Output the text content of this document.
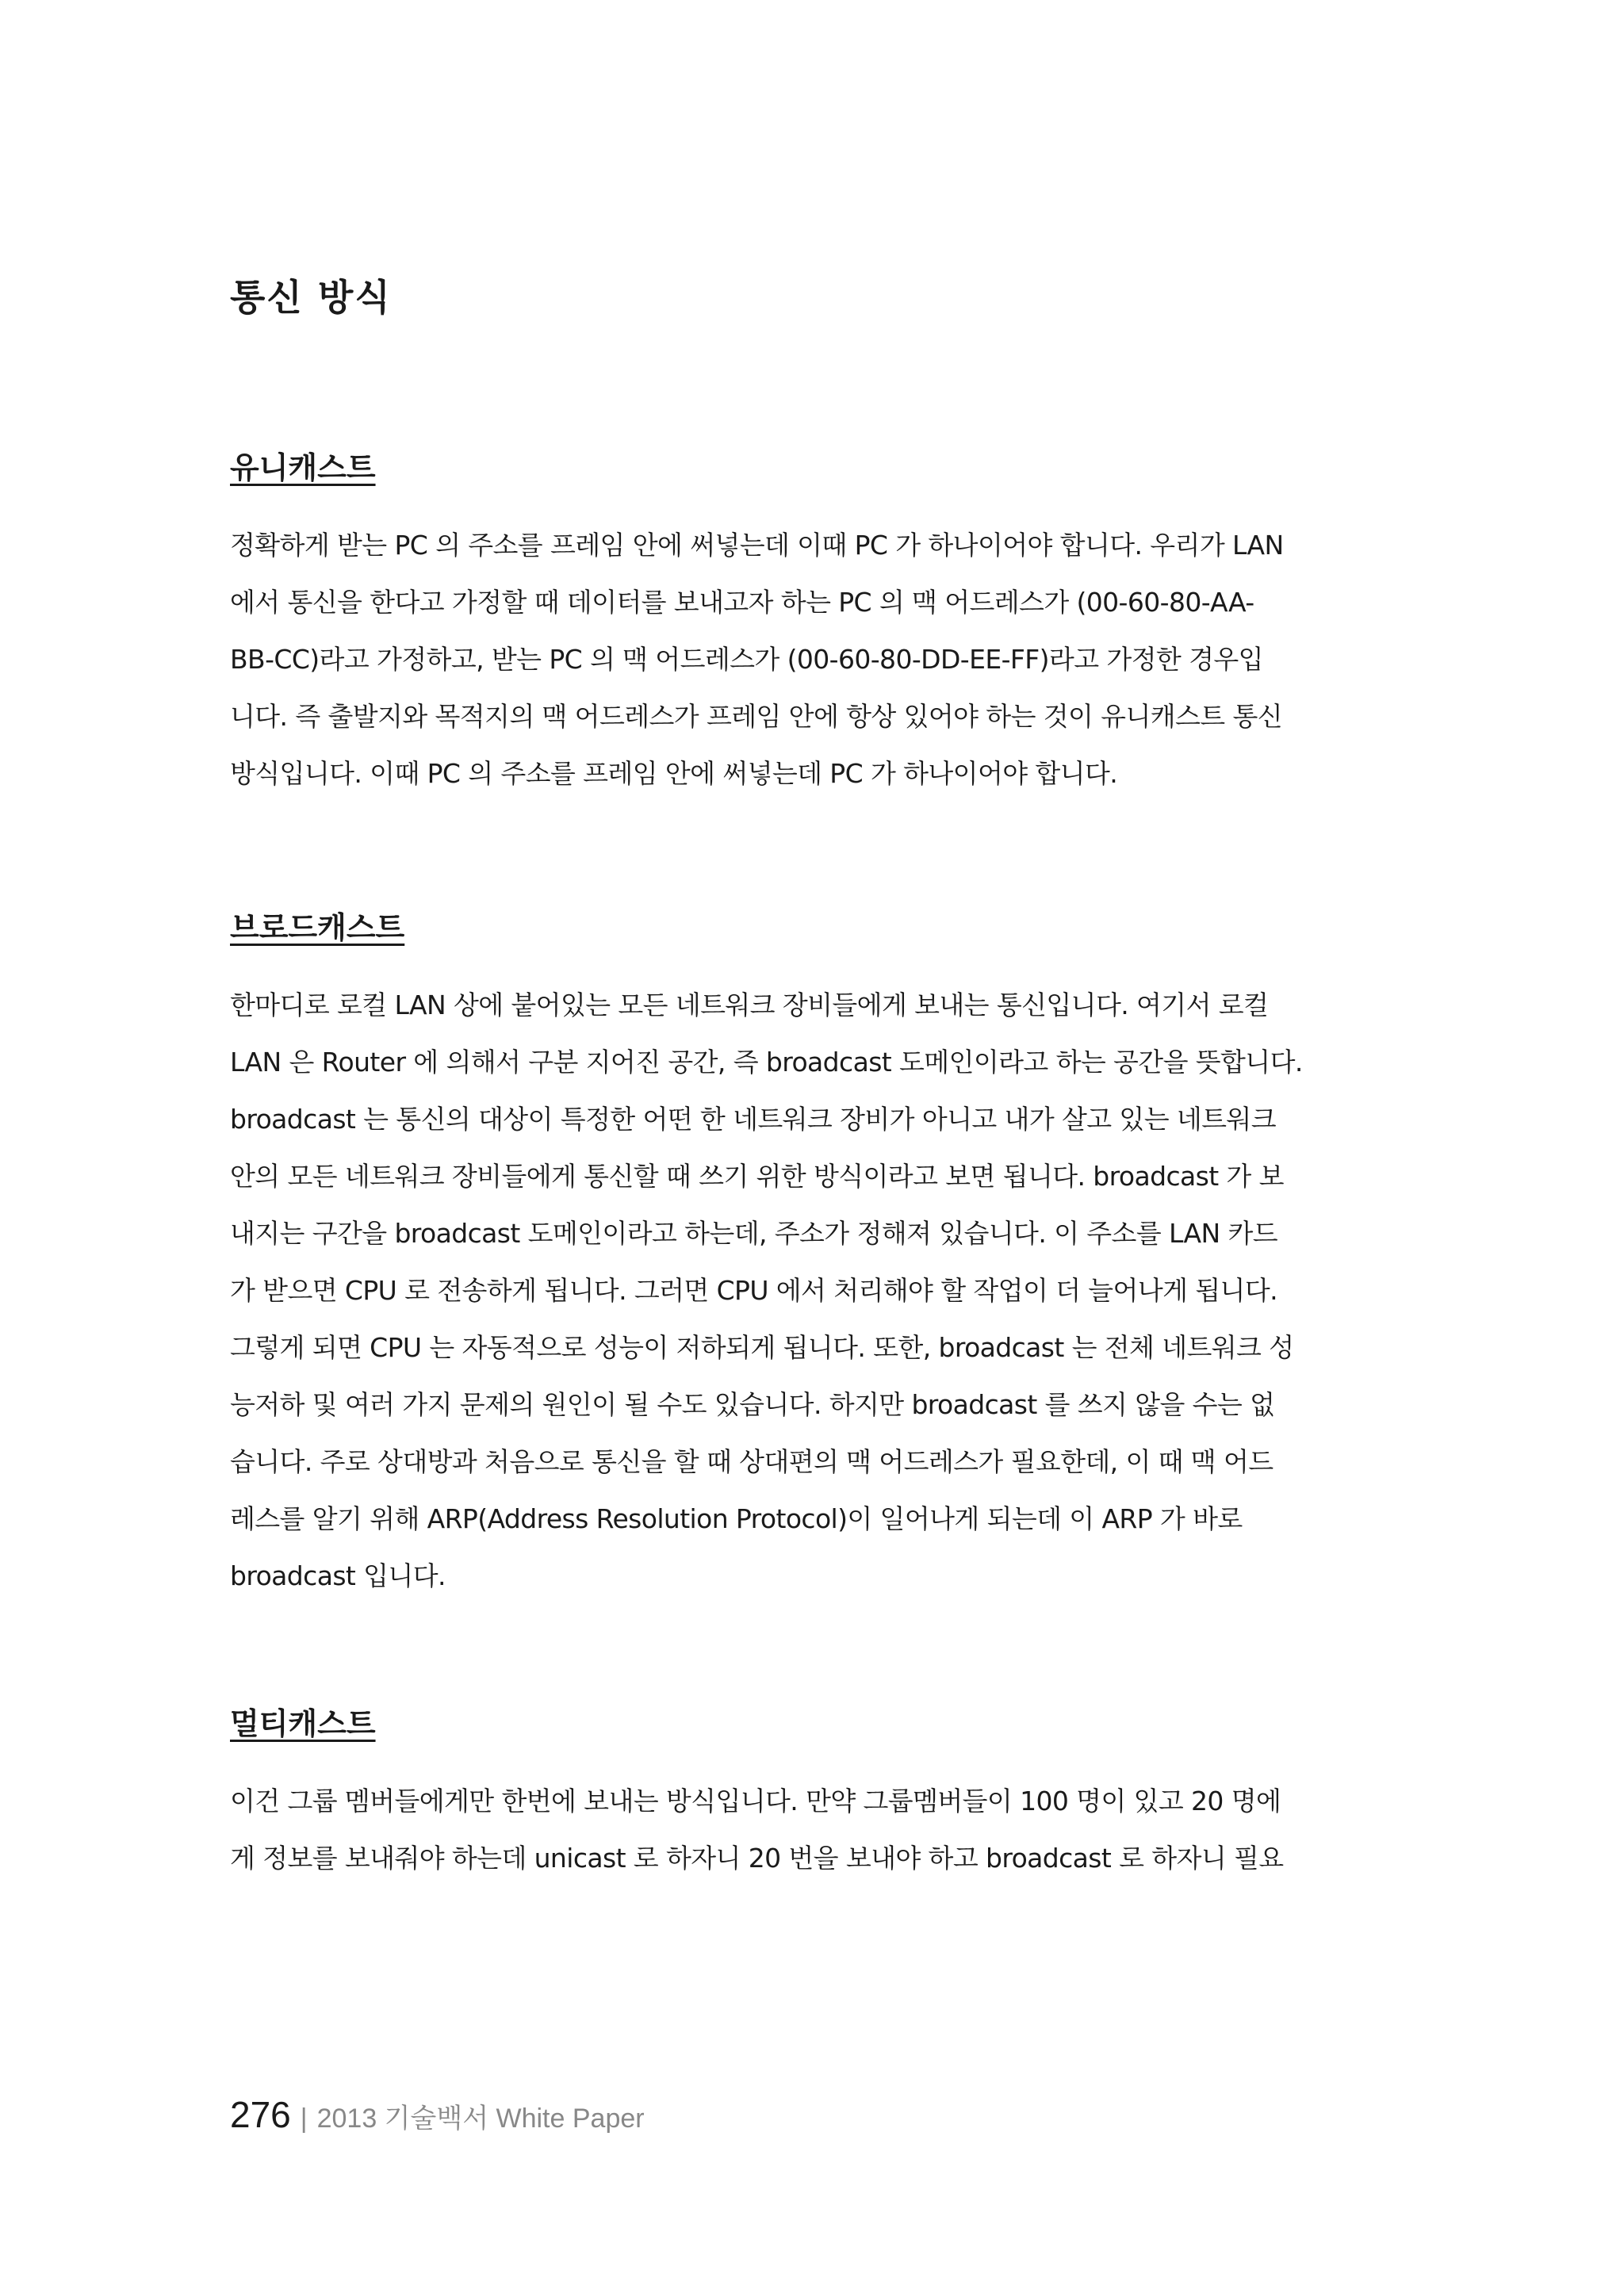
통신 방식
유니캐스트
정확하게 받는 PC 의 주소를 프레임 안에 써넣는데 이때 PC 가 하나이어야 합니다. 우리가 LAN
에서 통신을 한다고 가정할 때 데이터를 보내고자 하는 PC 의 맥 어드레스가 (00-60-80-AA-
BB-CC)라고 가정하고, 받는 PC 의 맥 어드레스가 (00-60-80-DD-EE-FF)라고 가정한 경우입
니다. 즉 출발지와 목적지의 맥 어드레스가 프레임 안에 항상 있어야 하는 것이 유니캐스트 통신
방식입니다. 이때 PC 의 주소를 프레임 안에 써넣는데 PC 가 하나이어야 합니다.
브로드캐스트
한마디로 로컬 LAN 상에 붙어있는 모든 네트워크 장비들에게 보내는 통신입니다. 여기서 로컬
LAN 은 Router 에 의해서 구분 지어진 공간, 즉 broadcast 도메인이라고 하는 공간을 뜻합니다.
broadcast 는 통신의 대상이 특정한 어떤 한 네트워크 장비가 아니고 내가 살고 있는 네트워크
안의 모든 네트워크 장비들에게 통신할 때 쓰기 위한 방식이라고 보면 됩니다. broadcast 가 보
내지는 구간을 broadcast 도메인이라고 하는데, 주소가 정해져 있습니다. 이 주소를 LAN 카드
가 받으면 CPU 로 전송하게 됩니다. 그러면 CPU 에서 처리해야 할 작업이 더 늘어나게 됩니다.
그렇게 되면 CPU 는 자동적으로 성능이 저하되게 됩니다. 또한, broadcast 는 전체 네트워크 성
능저하 및 여러 가지 문제의 원인이 될 수도 있습니다. 하지만 broadcast 를 쓰지 않을 수는 없
습니다. 주로 상대방과 처음으로 통신을 할 때 상대편의 맥 어드레스가 필요한데, 이 때 맥 어드
레스를 알기 위해 ARP(Address Resolution Protocol)이 일어나게 되는데 이 ARP 가 바로
broadcast 입니다.
멀티캐스트
이건 그룹 멤버들에게만 한번에 보내는 방식입니다. 만약 그룹멤버들이 100 명이 있고 20 명에
게 정보를 보내줘야 하는데 unicast 로 하자니 20 번을 보내야 하고 broadcast 로 하자니 필요
276 | 2013 기술백서 White Paper
